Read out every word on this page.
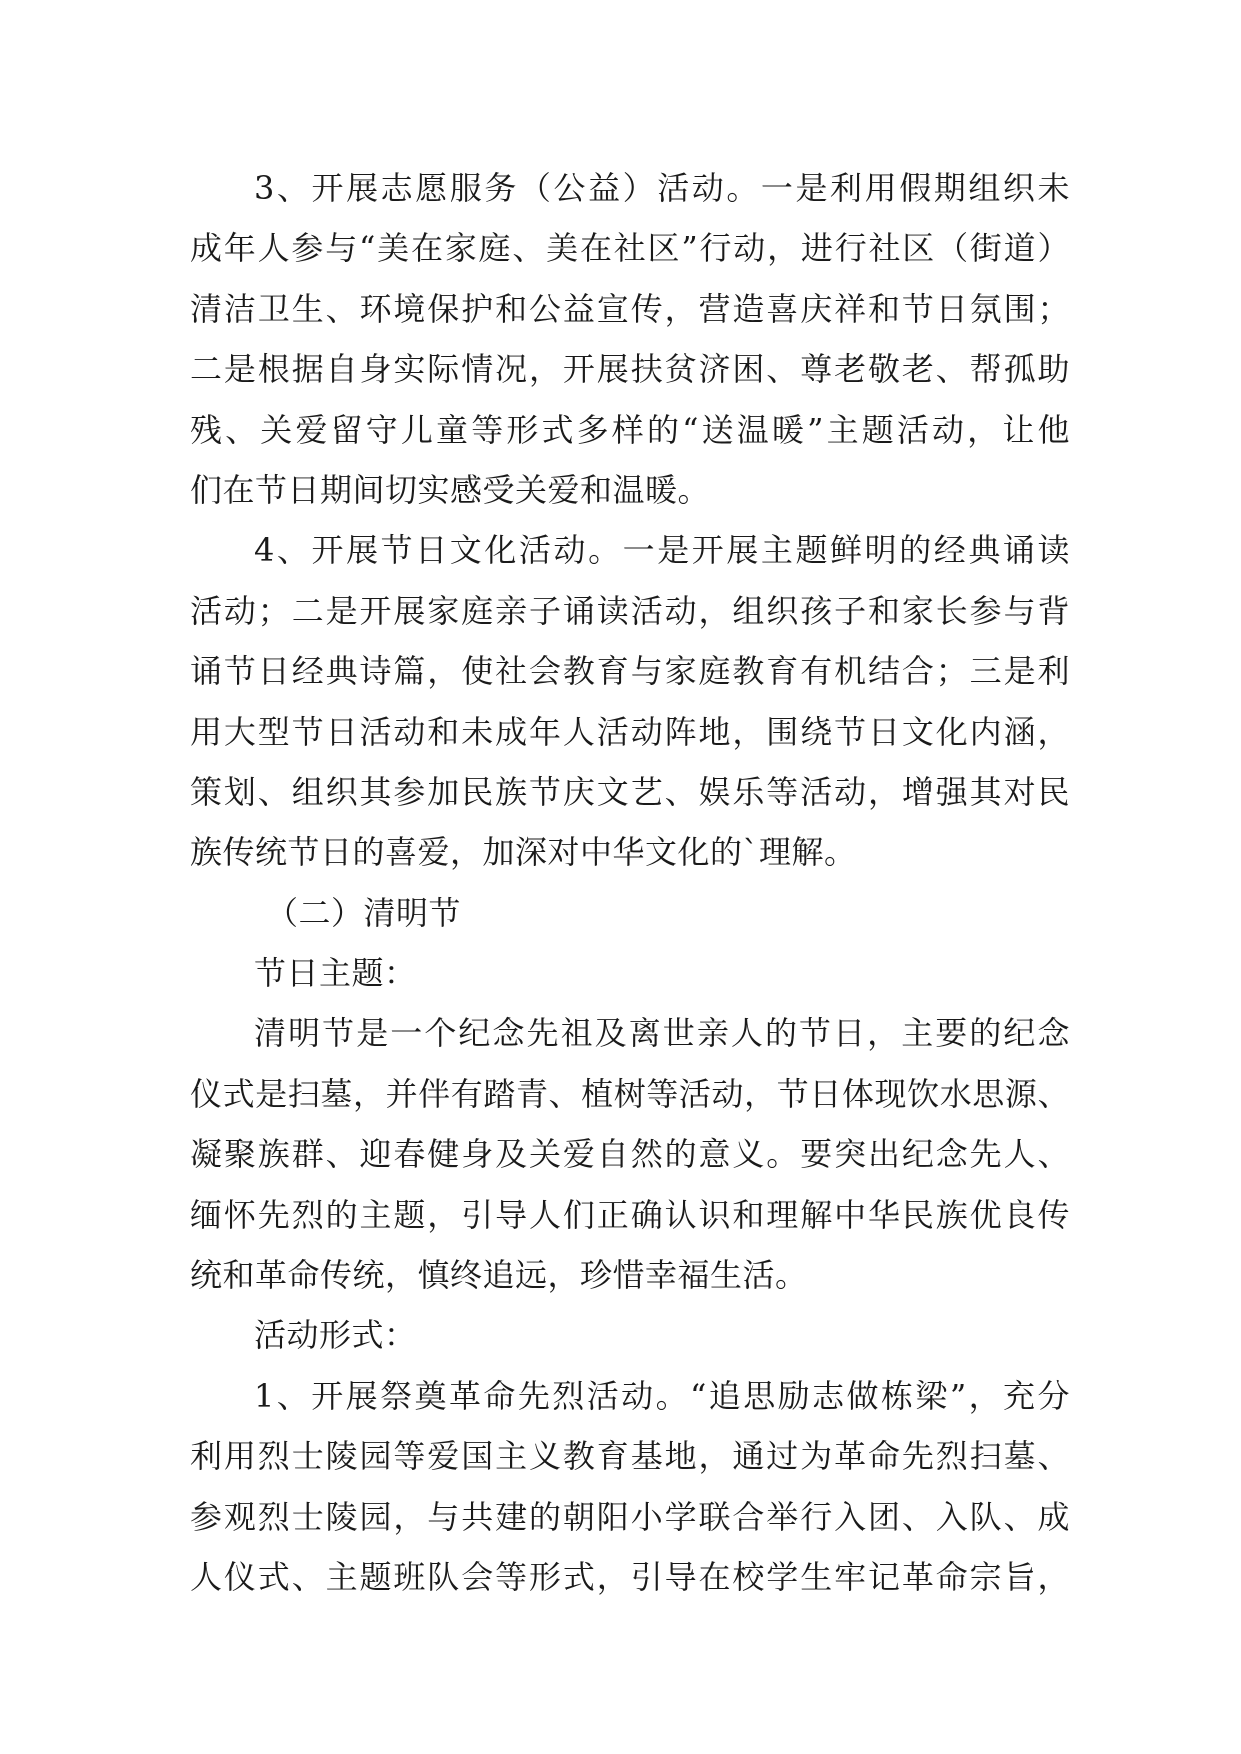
3、开展志愿服务（公益）活动。一是利用假期组织未
成年人参与“美在家庭、美在社区”行动，进行社区（街道）
清洁卫生、环境保护和公益宣传，营造喜庆祥和节日氛围；
二是根据自身实际情况，开展扶贫济困、尊老敬老、帮孤助
残、关爱留守儿童等形式多样的“送温暖”主题活动，让他
们在节日期间切实感受关爱和温暖。
4、开展节日文化活动。一是开展主题鲜明的经典诵读
活动；二是开展家庭亲子诵读活动，组织孩子和家长参与背
诵节日经典诗篇，使社会教育与家庭教育有机结合；三是利
用大型节日活动和未成年人活动阵地，围绕节日文化内涵，
策划、组织其参加民族节庆文艺、娱乐等活动，增强其对民
族传统节日的喜爱，加深对中华文化的`理解。
（二）清明节
节日主题：
清明节是一个纪念先祖及离世亲人的节日，主要的纪念
仪式是扫墓，并伴有踏青、植树等活动，节日体现饮水思源、
凝聚族群、迎春健身及关爱自然的意义。要突出纪念先人、
缅怀先烈的主题，引导人们正确认识和理解中华民族优良传
统和革命传统，慎终追远，珍惜幸福生活。
活动形式：
1、开展祭奠革命先烈活动。“追思励志做栋梁”，充分
利用烈士陵园等爱国主义教育基地，通过为革命先烈扫墓、
参观烈士陵园，与共建的朝阳小学联合举行入团、入队、成
人仪式、主题班队会等形式，引导在校学生牢记革命宗旨，
